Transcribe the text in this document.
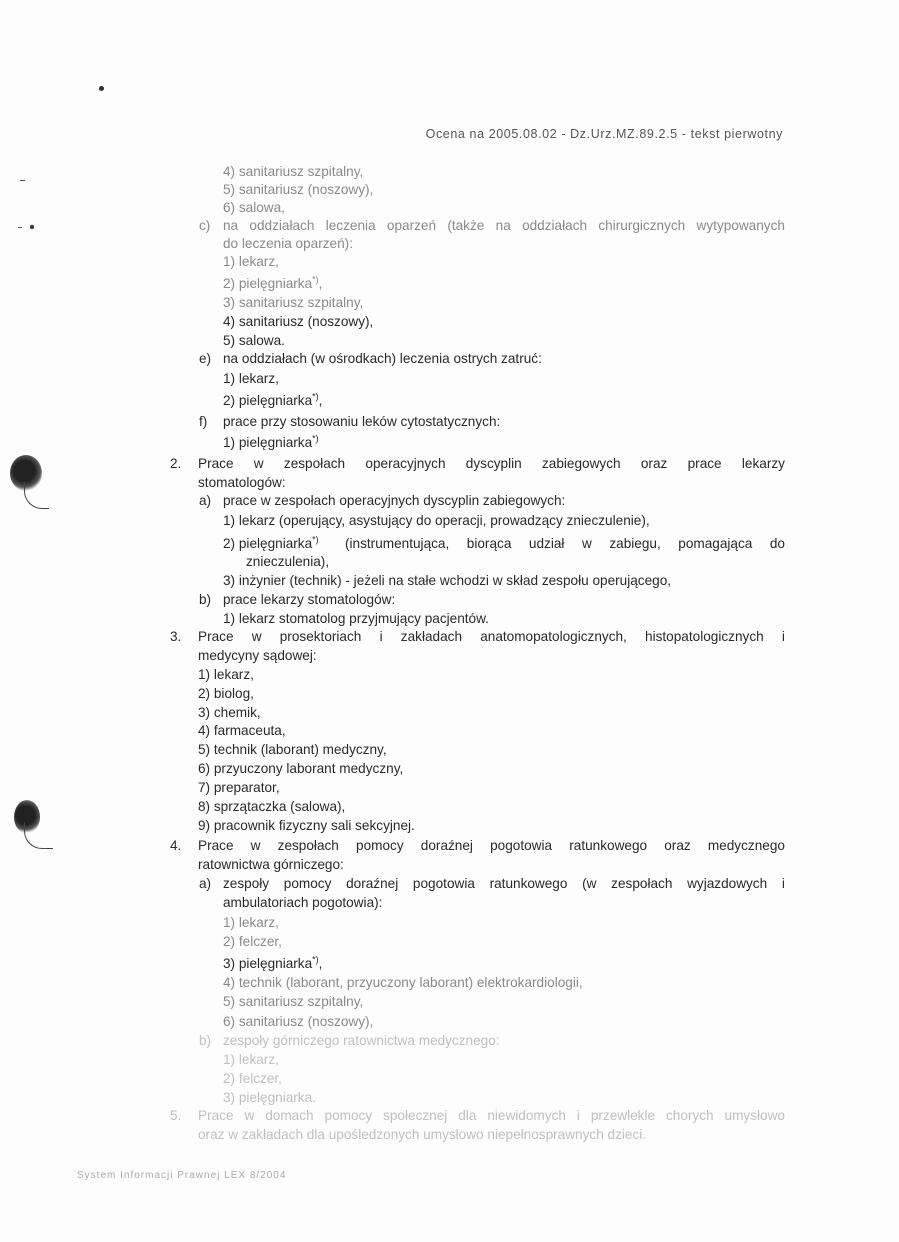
Ocena na 2005.08.02 - Dz.Urz.MZ.89.2.5 - tekst pierwotny
4) sanitariusz szpitalny,
5) sanitariusz (noszowy),
6) salowa,
c) na oddziałach leczenia oparzeń (także na oddziałach chirurgicznych wytypowanych
do leczenia oparzeń):
1) lekarz,
2) pielęgniarka*),
3) sanitariusz szpitalny,
4) sanitariusz (noszowy),
5) salowa.
e) na oddziałach (w ośrodkach) leczenia ostrych zatruć:
1) lekarz,
2) pielęgniarka*),
f) prace przy stosowaniu leków cytostatycznych:
1) pielęgniarka*)
2. Prace w zespołach operacyjnych dyscyplin zabiegowych oraz prace lekarzy
stomatologów:
a) prace w zespołach operacyjnych dyscyplin zabiegowych:
1) lekarz (operujący, asystujący do operacji, prowadzący znieczulenie),
2) pielęgniarka*) (instrumentująca, biorąca udział w zabiegu, pomagająca do
znieczulenia),
3) inżynier (technik) - jeżeli na stałe wchodzi w skład zespołu operującego,
b) prace lekarzy stomatologów:
1) lekarz stomatolog przyjmujący pacjentów.
3. Prace w prosektoriach i zakładach anatomopatologicznych, histopatologicznych i
medycyny sądowej:
1) lekarz,
2) biolog,
3) chemik,
4) farmaceuta,
5) technik (laborant) medyczny,
6) przyuczony laborant medyczny,
7) preparator,
8) sprzątaczka (salowa),
9) pracownik fizyczny sali sekcyjnej.
4. Prace w zespołach pomocy doraźnej pogotowia ratunkowego oraz medycznego
ratownictwa górniczego:
a) zespoły pomocy doraźnej pogotowia ratunkowego (w zespołach wyjazdowych i
ambulatoriach pogotowia):
1) lekarz,
2) felczer,
3) pielęgniarka*),
4) technik (laborant, przyuczony laborant) elektrokardiologii,
5) sanitariusz szpitalny,
6) sanitariusz (noszowy),
b) zespoły górniczego ratownictwa medycznego:
1) lekarz,
2) felczer,
3) pielęgniarka.
5. Prace w domach pomocy społecznej dla niewidomych i przewlekle chorych umysłowo
oraz w zakładach dla upośledzonych umysłowo niepełnosprawnych dzieci.
System Informacji Prawnej LEX 8/2004
